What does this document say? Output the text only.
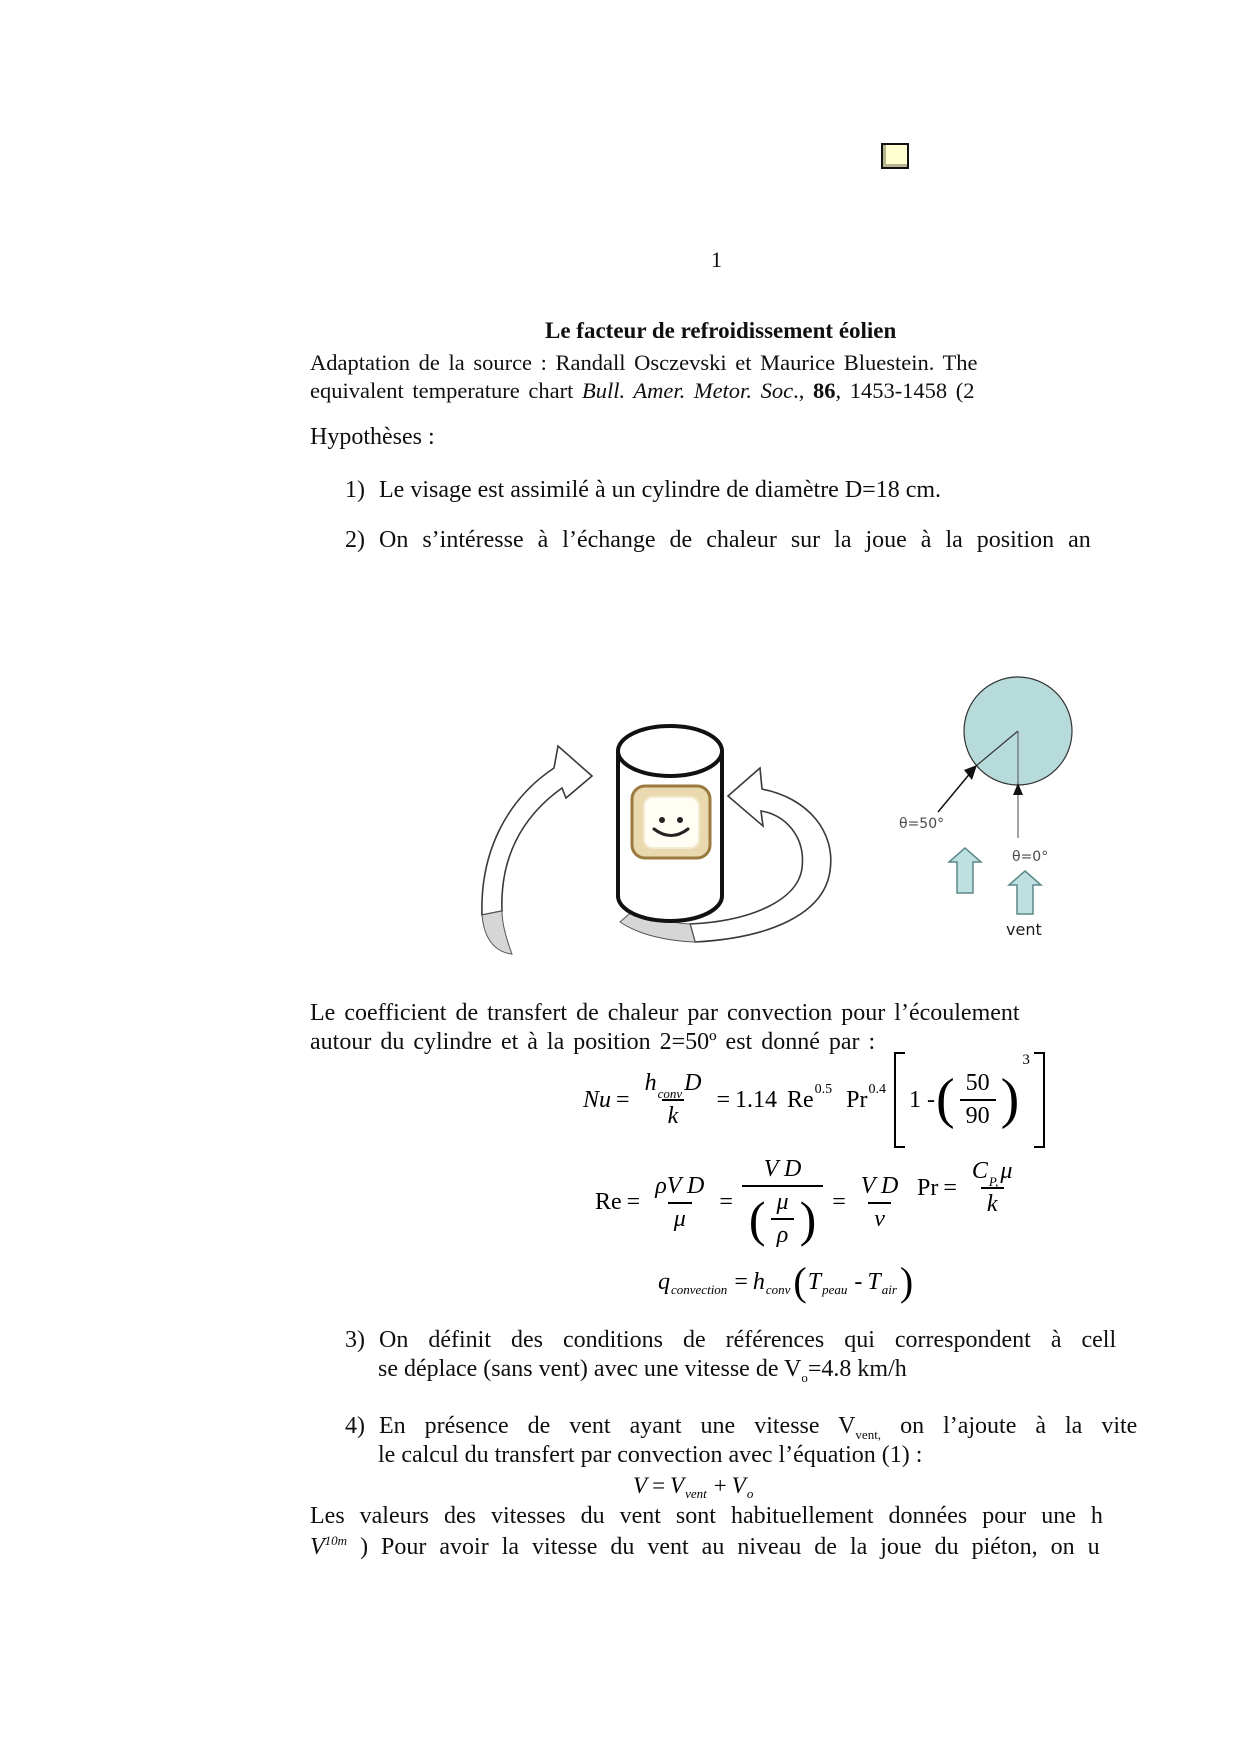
1
Le facteur de refroidissement éolien
Adaptation de la source : Randall Osczevski et Maurice Bluestein. The
equivalent temperature chart Bull. Amer. Metor. Soc., 86, 1453-1458 (2
Hypothèses :
1) Le visage est assimilé à un cylindre de diamètre D=18 cm.
2) On s’intéresse à l’échange de chaleur sur la joue à la position an
θ=50°
θ=0°
vent
Le coefficient de transfert de chaleur par convection pour l’écoulement
autour du cylindre et à la position 2=50º est donné par :
Nu =
$h_{conv}D$
k
= 1.14 Re 0.5 Pr 0.4 1 - ( $\frac{50}{90}$ )
3
$Re = \frac{\text{ρV D}}{\mu} = V$ D
( μ
ρ ) = $\frac{\text{V D}}{\nu}$ $Pr = \frac{C_{P,}\mu}{k}$
q convection = h conv ( T peau - T air )
3) On définit des conditions de références qui correspondent à cell
se déplace (sans vent) avec une vitesse de $V_o=4.8$ km/h
4) En présence de vent ayant une vitesse $V_{vent,}$ on l’ajoute à la vite
le calcul du transfert par convection avec l’équation (1) :
V = V vent + V o
Les valeurs des vitesses du vent sont habituellement données pour une h
$V^{10m}$ ) Pour avoir la vitesse du vent au niveau de la joue du piéton, on u
